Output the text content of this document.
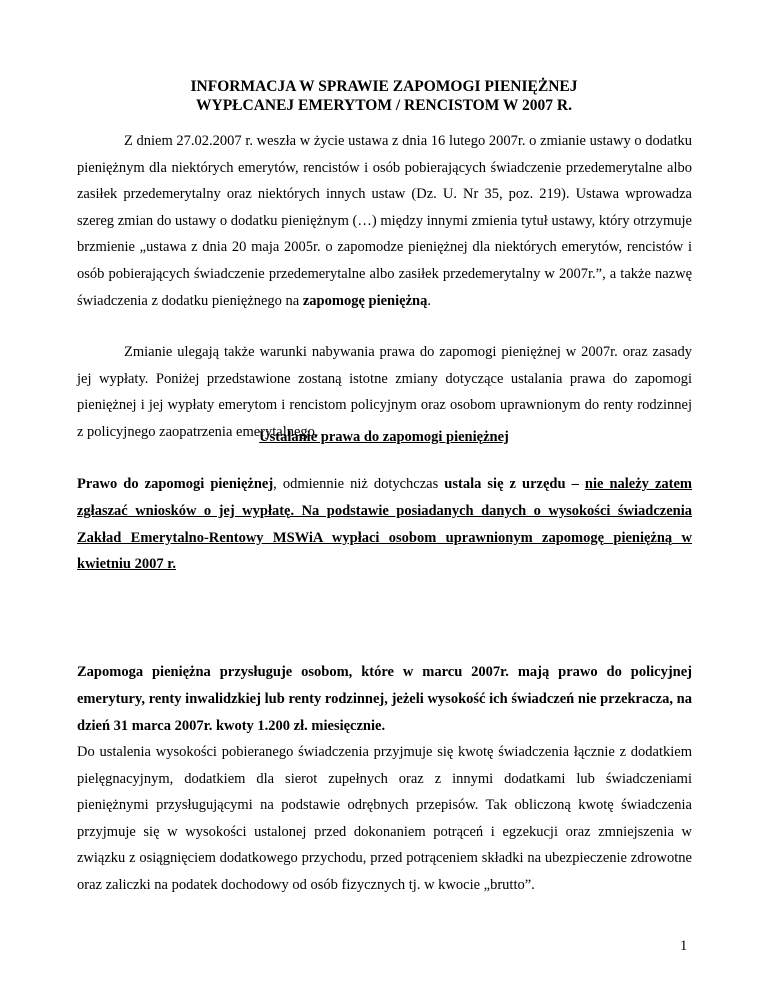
INFORMACJA W SPRAWIE ZAPOMOGI PIENIĘŻNEJ
WYPŁCANEJ EMERYTOM / RENCISTOM W 2007 R.
Z dniem 27.02.2007 r. weszła w życie ustawa z dnia 16 lutego 2007r. o zmianie ustawy o dodatku pieniężnym dla niektórych emerytów, rencistów i osób pobierających świadczenie przedemerytalne albo zasiłek przedemerytalny oraz niektórych innych ustaw (Dz. U. Nr 35, poz. 219). Ustawa wprowadza szereg zmian do ustawy o dodatku pieniężnym (…) między innymi zmienia tytuł ustawy, który otrzymuje brzmienie „ustawa z dnia 20 maja 2005r. o zapomodze pieniężnej dla niektórych emerytów, rencistów i osób pobierających świadczenie przedemerytalne albo zasiłek przedemerytalny w 2007r.”, a także nazwę świadczenia z dodatku pieniężnego na zapomogę pieniężną.
Zmianie ulegają także warunki nabywania prawa do zapomogi pieniężnej w 2007r. oraz zasady jej wypłaty. Poniżej przedstawione zostaną istotne zmiany dotyczące ustalania prawa do zapomogi pieniężnej i jej wypłaty emerytom i rencistom policyjnym oraz osobom uprawnionym do renty rodzinnej z policyjnego zaopatrzenia emerytalnego.
Ustalanie prawa do zapomogi pieniężnej
Prawo do zapomogi pieniężnej, odmiennie niż dotychczas ustala się z urzędu – nie należy zatem zgłaszać wniosków o jej wypłatę. Na podstawie posiadanych danych o wysokości świadczenia Zakład Emerytalno-Rentowy MSWiA wypłaci osobom uprawnionym zapomogę pieniężną w kwietniu 2007 r.
Zapomoga pieniężna przysługuje osobom, które w marcu 2007r. mają prawo do policyjnej emerytury, renty inwalidzkiej lub renty rodzinnej, jeżeli wysokość ich świadczeń nie przekracza, na dzień 31 marca 2007r. kwoty 1.200 zł. miesięcznie.
Do ustalenia wysokości pobieranego świadczenia przyjmuje się kwotę świadczenia łącznie z dodatkiem pielęgnacyjnym, dodatkiem dla sierot zupełnych oraz z innymi dodatkami lub świadczeniami pieniężnymi przysługującymi na podstawie odrębnych przepisów. Tak obliczoną kwotę świadczenia przyjmuje się w wysokości ustalonej przed dokonaniem potrąceń i egzekucji oraz zmniejszenia w związku z osiągnięciem dodatkowego przychodu, przed potrąceniem składki na ubezpieczenie zdrowotne oraz zaliczki na podatek dochodowy od osób fizycznych tj. w kwocie „brutto”.
1
